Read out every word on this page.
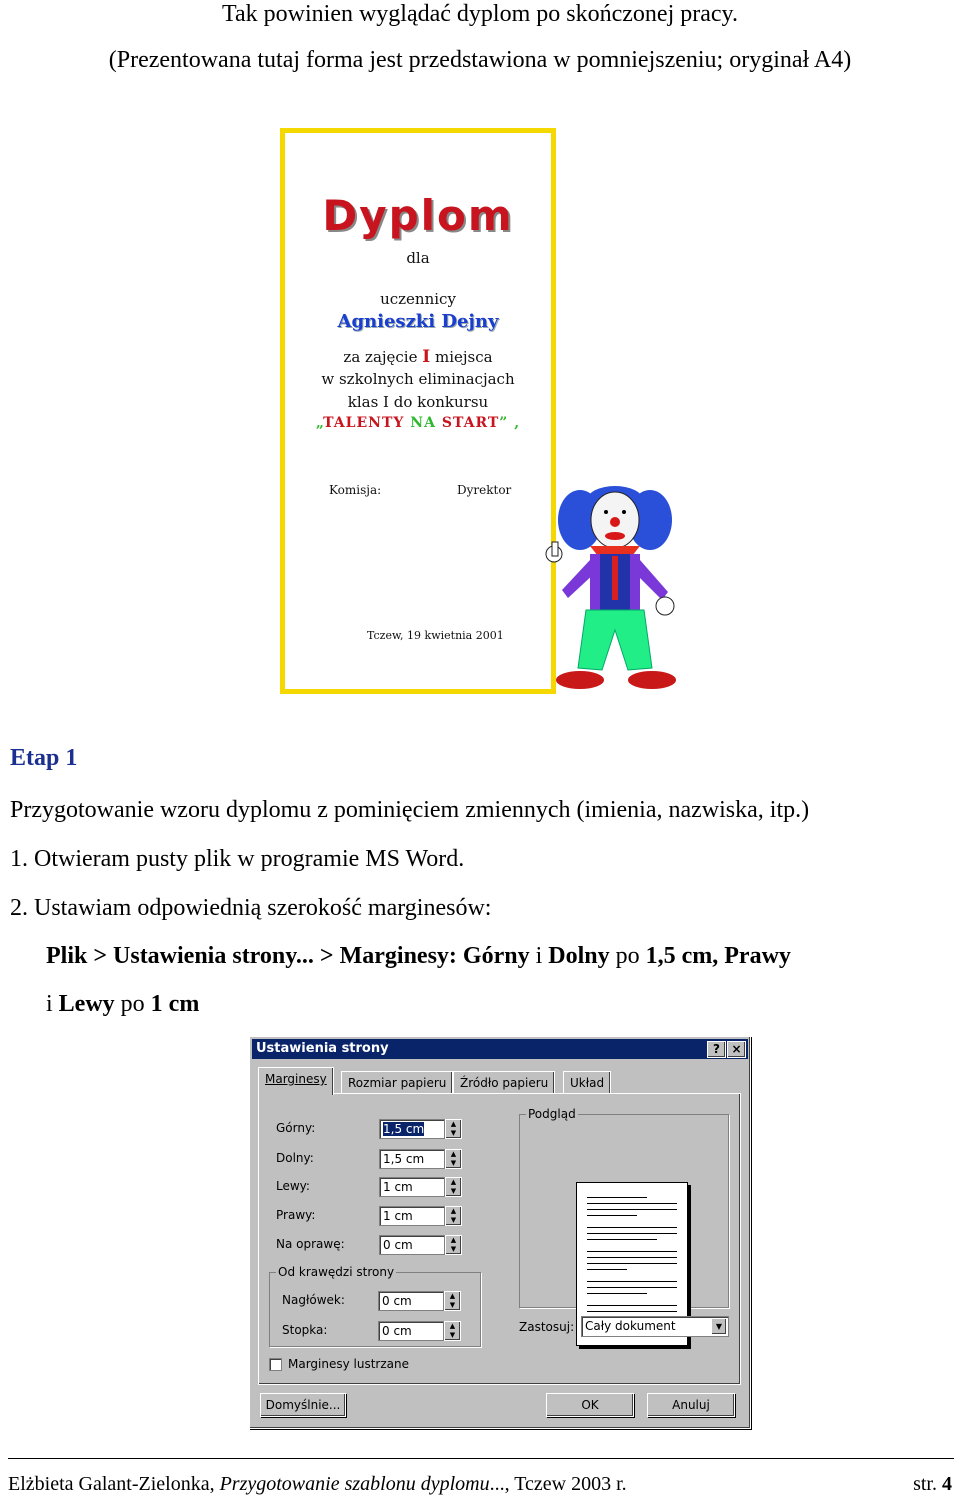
Tak powinien wyglądać dyplom po skończonej pracy.
(Prezentowana tutaj forma jest przedstawiona w pomniejszeniu; oryginał A4)
Dyplom
dla
uczennicy
Agnieszki Dejny
za zajęcie I miejsca
w szkolnych eliminacjach
klas I do konkursu
„TALENTY NA START” ,
Komisja:	Dyrektor
Tczew, 19 kwietnia 2001
Etap 1
Przygotowanie wzoru dyplomu z pominięciem zmiennych (imienia, nazwiska, itp.)
1. Otwieram pusty plik w programie MS Word.
2. Ustawiam odpowiednią szerokość marginesów:
Plik > Ustawienia strony... > Marginesy: Górny i Dolny po 1,5 cm, Prawy
i Lewy po 1 cm
Ustawienia strony	? ×
Marginesy	Rozmiar papieru	Źródło papieru	Układ
Górny:	1,5 cm	▲
▼
Dolny:	1,5 cm	▲
▼
Lewy:	1 cm	▲
▼
Prawy:	1 cm	▲
▼
Na oprawę:	0 cm	▲
▼
Od krawędzi strony
Nagłówek:	0 cm	▲
▼
Stopka:	0 cm	▲
▼
Podgląd
Zastosuj: Cały dokument	▼
Marginesy lustrzane
Domyślnie...	OK	Anuluj
Elżbieta Galant-Zielonka, Przygotowanie szablonu dyplomu..., Tczew 2003 r.	str. 4
